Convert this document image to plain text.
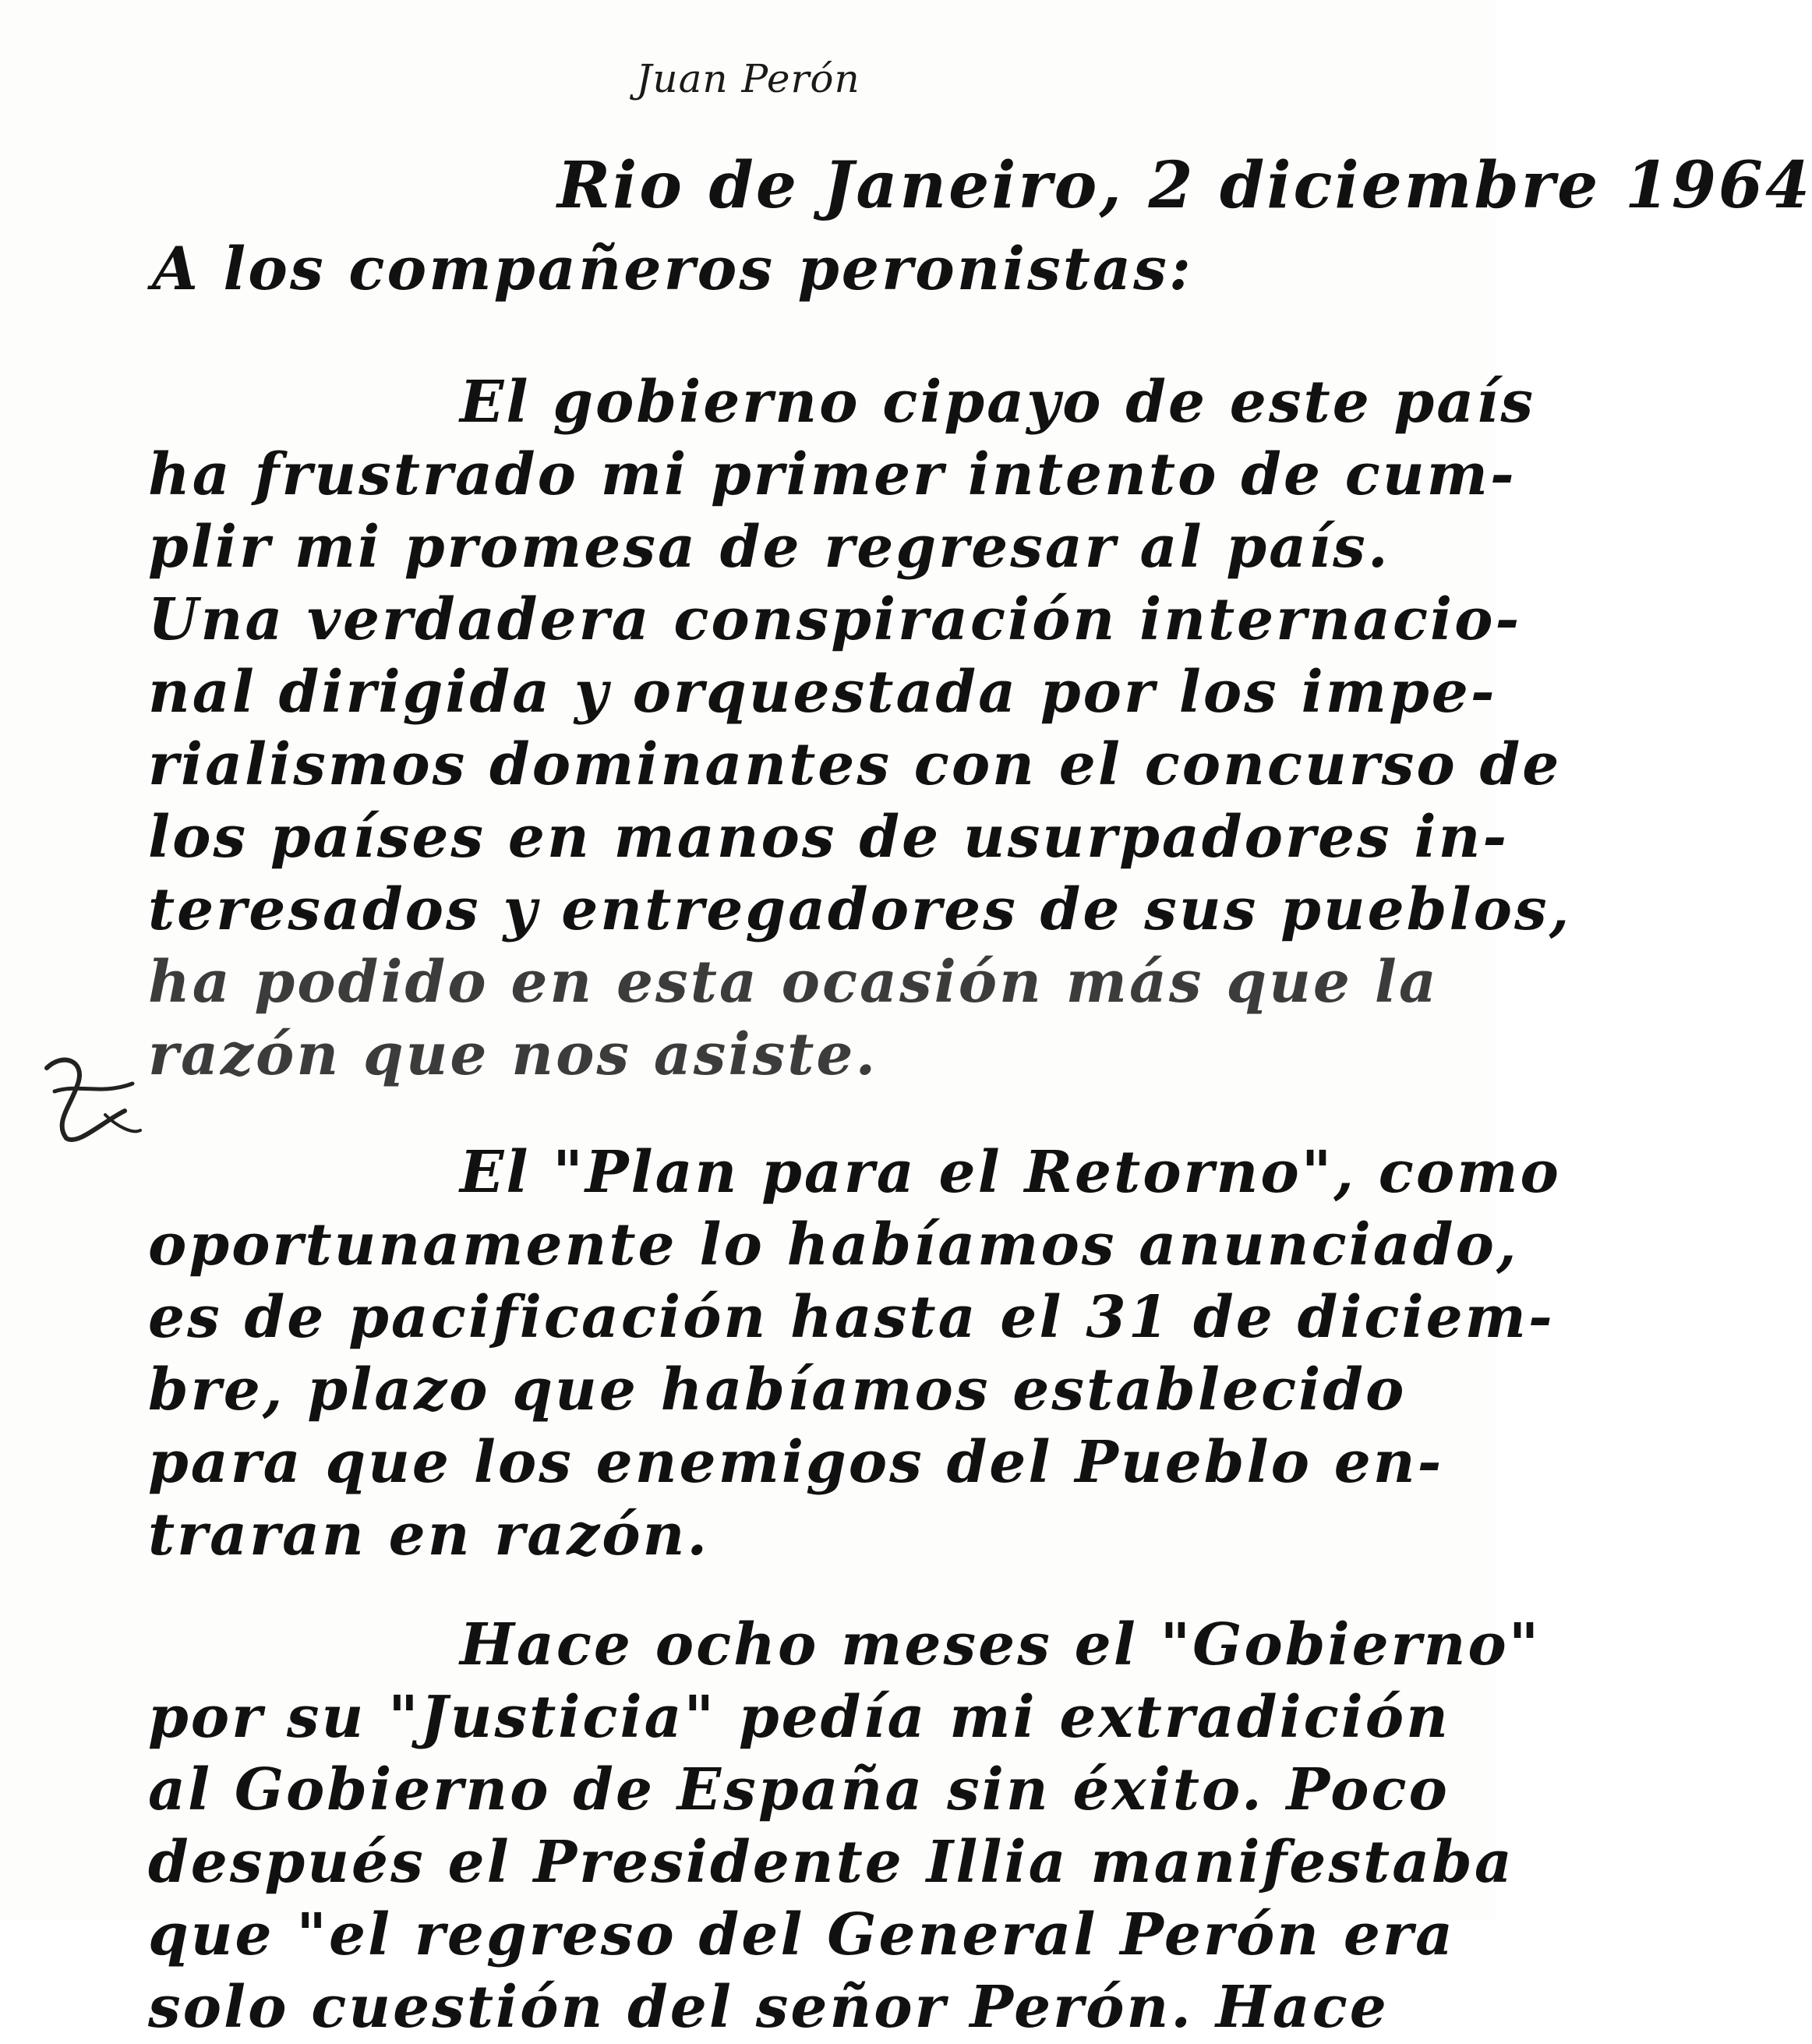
Juan Perón
Rio de Janeiro, 2 diciembre 1964
A los compañeros peronistas:
El gobierno cipayo de este país
ha frustrado mi primer intento de cum-
plir mi promesa de regresar al país.
Una verdadera conspiración internacio-
nal dirigida y orquestada por los impe-
rialismos dominantes con el concurso de
los países en manos de usurpadores in-
teresados y entregadores de sus pueblos,
ha podido en esta ocasión más que la
razón que nos asiste.
El "Plan para el Retorno", como
oportunamente lo habíamos anunciado,
es de pacificación hasta el 31 de diciem-
bre, plazo que habíamos establecido
para que los enemigos del Pueblo en-
traran en razón.
Hace ocho meses el "Gobierno"
por su "Justicia" pedía mi extradición
al Gobierno de España sin éxito. Poco
después el Presidente Illia manifestaba
que "el regreso del General Perón era
solo cuestión del señor Perón. Hace
